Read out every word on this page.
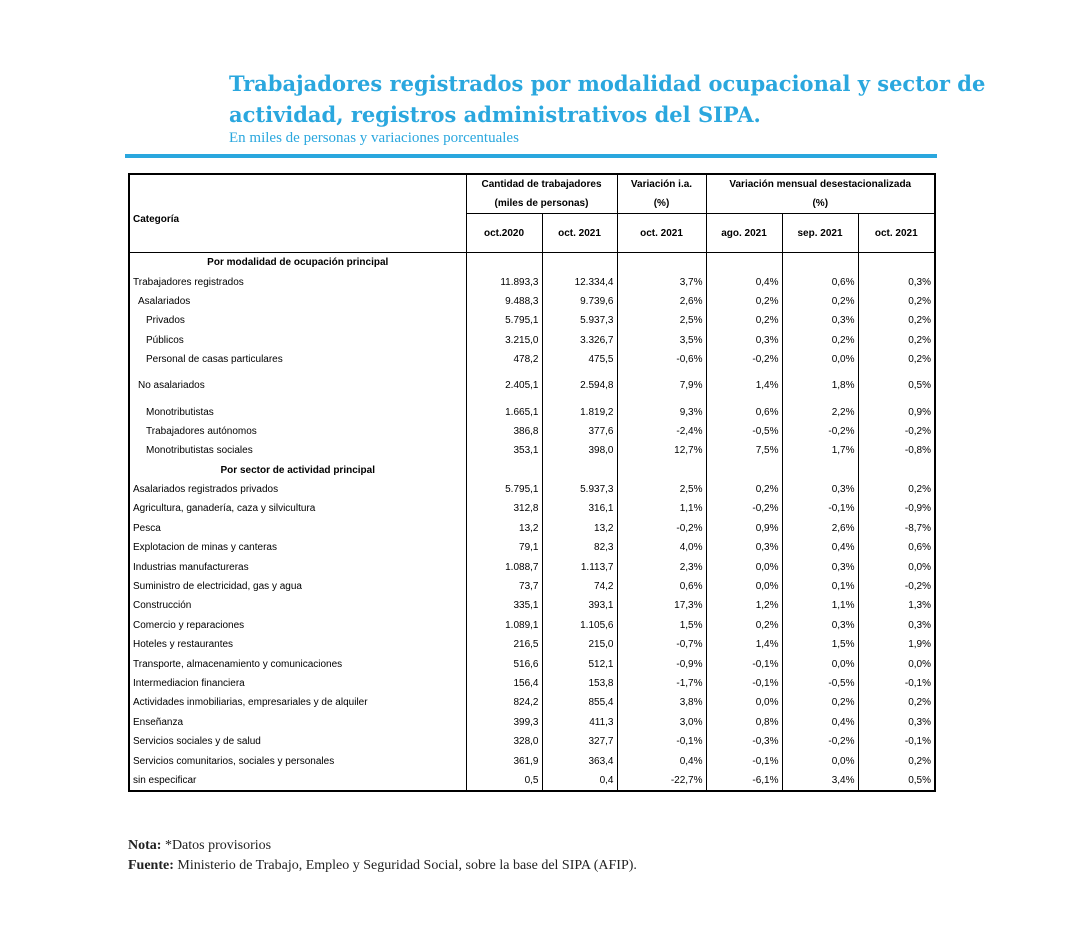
Trabajadores registrados por modalidad ocupacional y sector de actividad, registros administrativos del SIPA.
En miles de personas y variaciones porcentuales
Categoría	Cantidad de trabajadores		Variación i.a.	Variación mensual desestacionalizada		
	(miles de personas)		(%)	(%)		
	oct.2020	oct. 2021	oct. 2021	ago. 2021	sep. 2021	oct. 2021
Por modalidad de ocupación principal						
Trabajadores registrados	11.893,3	12.334,4	3,7%	0,4%	0,6%	0,3%
Asalariados	9.488,3	9.739,6	2,6%	0,2%	0,2%	0,2%
Privados	5.795,1	5.937,3	2,5%	0,2%	0,3%	0,2%
Públicos	3.215,0	3.326,7	3,5%	0,3%	0,2%	0,2%
Personal de casas particulares	478,2	475,5	-0,6%	-0,2%	0,0%	0,2%
No asalariados	2.405,1	2.594,8	7,9%	1,4%	1,8%	0,5%
Monotributistas	1.665,1	1.819,2	9,3%	0,6%	2,2%	0,9%
Trabajadores autónomos	386,8	377,6	-2,4%	-0,5%	-0,2%	-0,2%
Monotributistas sociales	353,1	398,0	12,7%	7,5%	1,7%	-0,8%
Por sector de actividad principal						
Asalariados registrados privados	5.795,1	5.937,3	2,5%	0,2%	0,3%	0,2%
Agricultura, ganadería, caza y silvicultura	312,8	316,1	1,1%	-0,2%	-0,1%	-0,9%
Pesca	13,2	13,2	-0,2%	0,9%	2,6%	-8,7%
Explotacion de minas y canteras	79,1	82,3	4,0%	0,3%	0,4%	0,6%
Industrias manufactureras	1.088,7	1.113,7	2,3%	0,0%	0,3%	0,0%
Suministro de electricidad, gas y agua	73,7	74,2	0,6%	0,0%	0,1%	-0,2%
Construcción	335,1	393,1	17,3%	1,2%	1,1%	1,3%
Comercio y reparaciones	1.089,1	1.105,6	1,5%	0,2%	0,3%	0,3%
Hoteles y restaurantes	216,5	215,0	-0,7%	1,4%	1,5%	1,9%
Transporte, almacenamiento y comunicaciones	516,6	512,1	-0,9%	-0,1%	0,0%	0,0%
Intermediacion financiera	156,4	153,8	-1,7%	-0,1%	-0,5%	-0,1%
Actividades inmobiliarias, empresariales y de alquiler	824,2	855,4	3,8%	0,0%	0,2%	0,2%
Enseñanza	399,3	411,3	3,0%	0,8%	0,4%	0,3%
Servicios sociales y de salud	328,0	327,7	-0,1%	-0,3%	-0,2%	-0,1%
Servicios comunitarios, sociales y personales	361,9	363,4	0,4%	-0,1%	0,0%	0,2%
sin especificar	0,5	0,4	-22,7%	-6,1%	3,4%	0,5%
Nota: *Datos provisorios
Fuente: Ministerio de Trabajo, Empleo y Seguridad Social, sobre la base del SIPA (AFIP).
